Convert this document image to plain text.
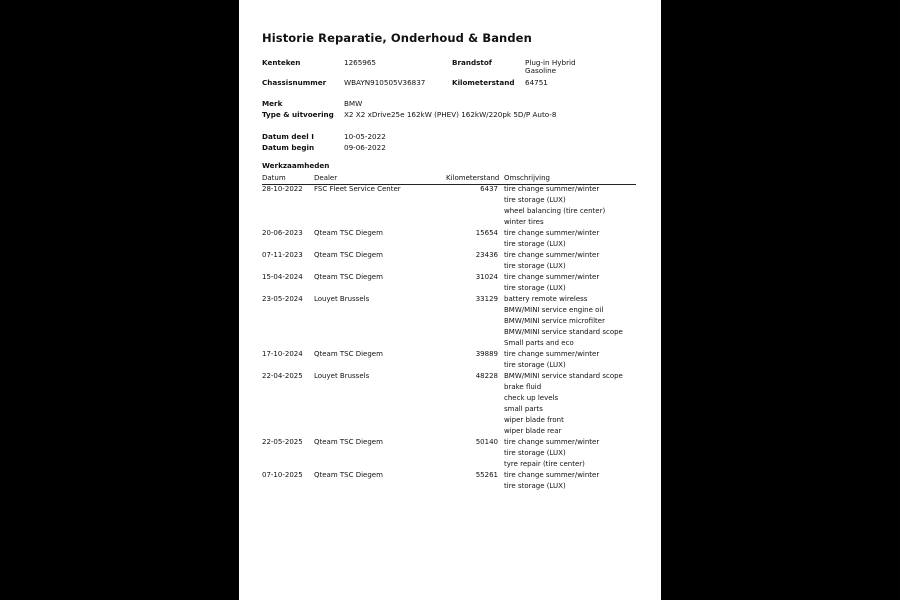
Historie Reparatie, Onderhoud & Banden
Kenteken	1265965	Brandstof	Plug-in Hybrid
Gasoline
Chassisnummer WBAYN910505V36837	Kilometerstand 64751
Merk	BMW
Type & uitvoering X2 X2 xDrive25e 162kW (PHEV) 162kW/220pk 5D/P Auto-8
Datum deel I	10-05-2022
Datum begin	09-06-2022
Werkzaamheden
Datum	Dealer	Kilometerstand Omschrijving
28-10-2022 FSC Fleet Service Center	6437 tire change summer/winter
tire storage (LUX)
wheel balancing (tire center)
winter tires
20-06-2023 Qteam TSC Diegem	15654 tire change summer/winter
tire storage (LUX)
07-11-2023 Qteam TSC Diegem	23436 tire change summer/winter
tire storage (LUX)
15-04-2024 Qteam TSC Diegem	31024 tire change summer/winter
tire storage (LUX)
23-05-2024 Louyet Brussels	33129 battery remote wireless
BMW/MINI service engine oil
BMW/MINI service microfilter
BMW/MINI service standard scope
Small parts and eco
17-10-2024 Qteam TSC Diegem	39889 tire change summer/winter
tire storage (LUX)
22-04-2025 Louyet Brussels	48228 BMW/MINI service standard scope
brake fluid
check up levels
small parts
wiper blade front
wiper blade rear
22-05-2025 Qteam TSC Diegem	50140 tire change summer/winter
tire storage (LUX)
tyre repair (tire center)
07-10-2025 Qteam TSC Diegem	55261 tire change summer/winter
tire storage (LUX)
